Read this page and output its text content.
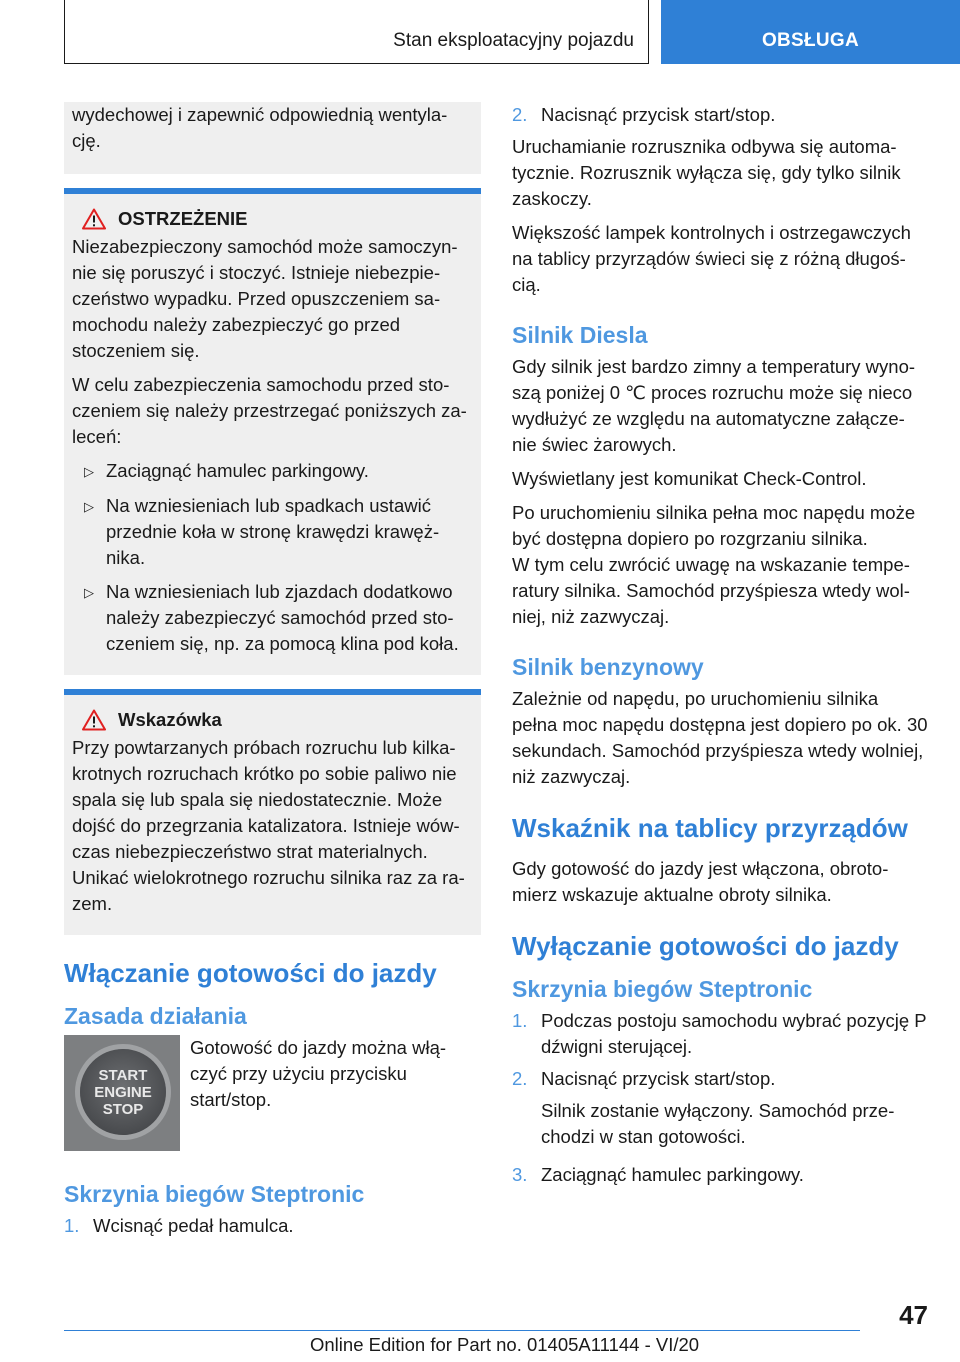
Stan eksploatacyjny pojazdu	OBSŁUGA

wydechowej i zapewnić odpowiednią wentyla-cję.

OSTRZEŻENIE

Niezabezpieczony samochód może samoczyn-nie się poruszyć i stoczyć. Istnieje niebezpie-czeństwo wypadku. Przed opuszczeniem sa-mochodu należy zabezpieczyć go przed stoczeniem się.

W celu zabezpieczenia samochodu przed sto-czeniem się należy przestrzegać poniższych za-leceń:

▷ Zaciągnąć hamulec parkingowy.
▷ Na wzniesieniach lub spadkach ustawić przednie koła w stronę krawędzi krawęż-nika.
▷ Na wzniesieniach lub zjazdach dodatkowo należy zabezpieczyć samochód przed sto-czeniem się, np. za pomocą klina pod koła.
Wskazówka

Przy powtarzanych próbach rozruchu lub kilka-krotnych rozruchach krótko po sobie paliwo nie spala się lub spala się niedostatecznie. Może dojść do przegrzania katalizatora. Istnieje wów-czas niebezpieczeństwo strat materialnych. Unikać wielokrotnego rozruchu silnika raz za ra-zem.

Włączanie gotowości do jazdy
Zasada działania
START
ENGINE
STOP

Gotowość do jazdy można włą-czyć przy użyciu przycisku start/stop.

Skrzynia biegów Steptronic
1. Wcisnąć pedał hamulca.
2. Nacisnąć przycisk start/stop.

Uruchamianie rozrusznika odbywa się automa-tycznie. Rozrusznik wyłącza się, gdy tylko silnik zaskoczy.

Większość lampek kontrolnych i ostrzegawczych na tablicy przyrządów świeci się z różną długoś-cią.

Silnik Diesla

Gdy silnik jest bardzo zimny a temperatury wyno-szą poniżej 0 ℃ proces rozruchu może się nieco wydłużyć ze względu na automatyczne załącze-nie świec żarowych.

Wyświetlany jest komunikat Check-Control.

Po uruchomieniu silnika pełna moc napędu może być dostępna dopiero po rozgrzaniu silnika.

W tym celu zwrócić uwagę na wskazanie tempe-ratury silnika. Samochód przyśpiesza wtedy wol-niej, niż zazwyczaj.

Silnik benzynowy

Zależnie od napędu, po uruchomieniu silnika pełna moc napędu dostępna jest dopiero po ok. 30 sekundach. Samochód przyśpiesza wtedy wolniej, niż zazwyczaj.

Wskaźnik na tablicy przyrządów

Gdy gotowość do jazdy jest włączona, obroto-mierz wskazuje aktualne obroty silnika.

Wyłączanie gotowości do jazdy
Skrzynia biegów Steptronic
1. Podczas postoju samochodu wybrać pozycję P dźwigni sterującej.
2. Nacisnąć przycisk start/stop.

Silnik zostanie wyłączony. Samochód prze-chodzi w stan gotowości.

3. Zaciągnąć hamulec parkingowy.
47
Online Edition for Part no. 01405A11144 - VI/20
